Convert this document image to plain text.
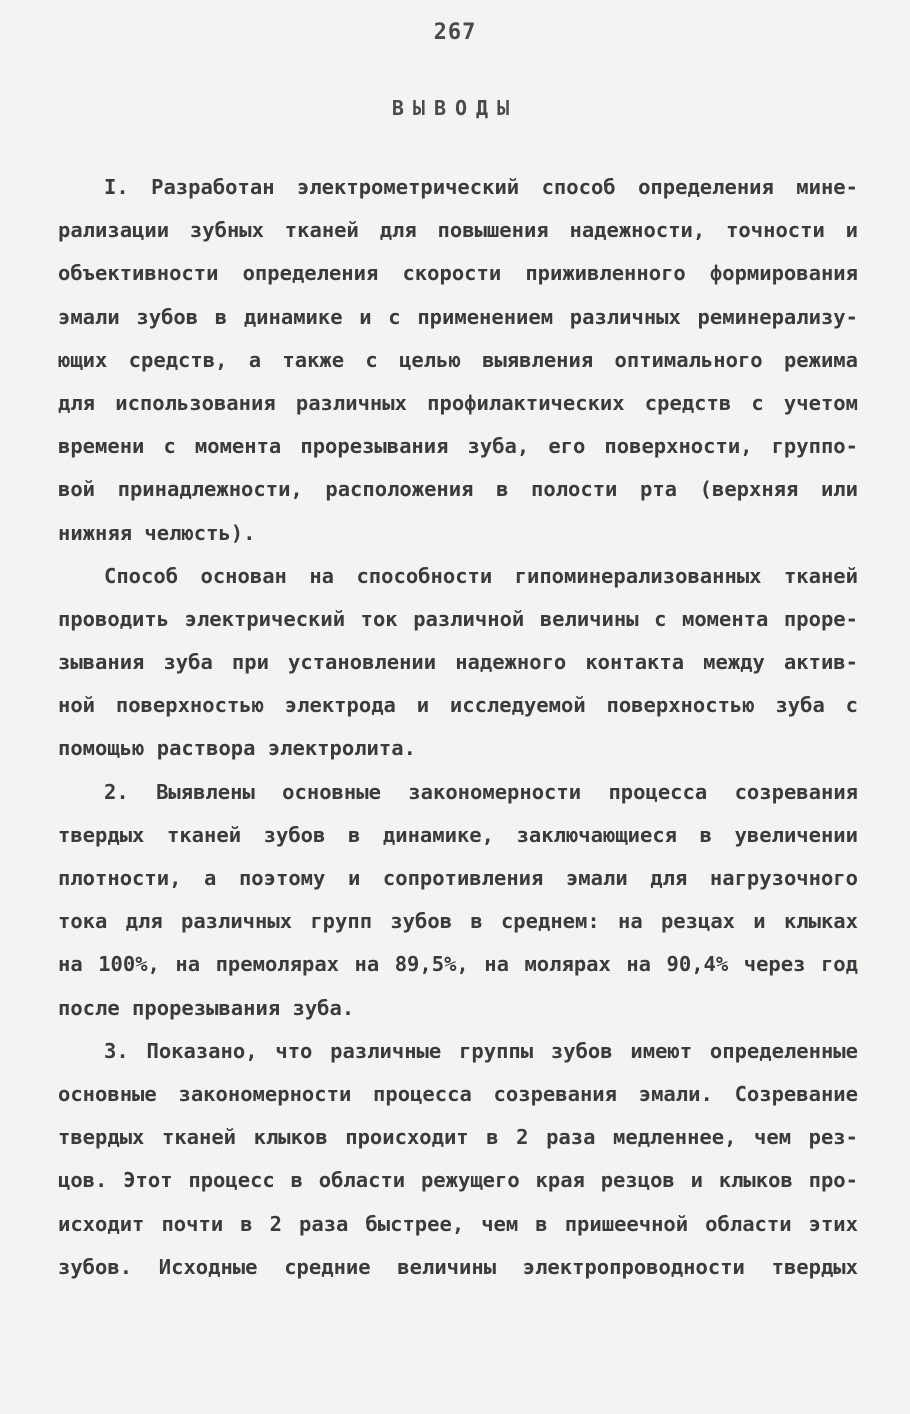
267
ВЫВОДЫ
I. Разработан электрометрический способ определения мине-
рализации зубных тканей для повышения надежности, точности и
объективности определения скорости приживленного формирования
эмали зубов в динамике и с применением различных реминерализу-
ющих средств, а также с целью выявления оптимального режима
для использования различных профилактических средств с учетом
времени с момента прорезывания зуба, его поверхности, группо-
вой принадлежности, расположения в полости рта (верхняя или
нижняя челюсть).
Способ основан на способности гипоминерализованных тканей
проводить электрический ток различной величины с момента проре-
зывания зуба при установлении надежного контакта между актив-
ной поверхностью электрода и исследуемой поверхностью зуба с
помощью раствора электролита.
2. Выявлены основные закономерности процесса созревания
твердых тканей зубов в динамике, заключающиеся в увеличении
плотности, а поэтому и сопротивления эмали для нагрузочного
тока для различных групп зубов в среднем: на резцах и клыках
на 100%, на премолярах на 89,5%, на молярах на 90,4% через год
после прорезывания зуба.
3. Показано, что различные группы зубов имеют определенные
основные закономерности процесса созревания эмали. Созревание
твердых тканей клыков происходит в 2 раза медленнее, чем рез-
цов. Этот процесс в области режущего края резцов и клыков про-
исходит почти в 2 раза быстрее, чем в пришеечной области этих
зубов. Исходные средние величины электропроводности твердых
